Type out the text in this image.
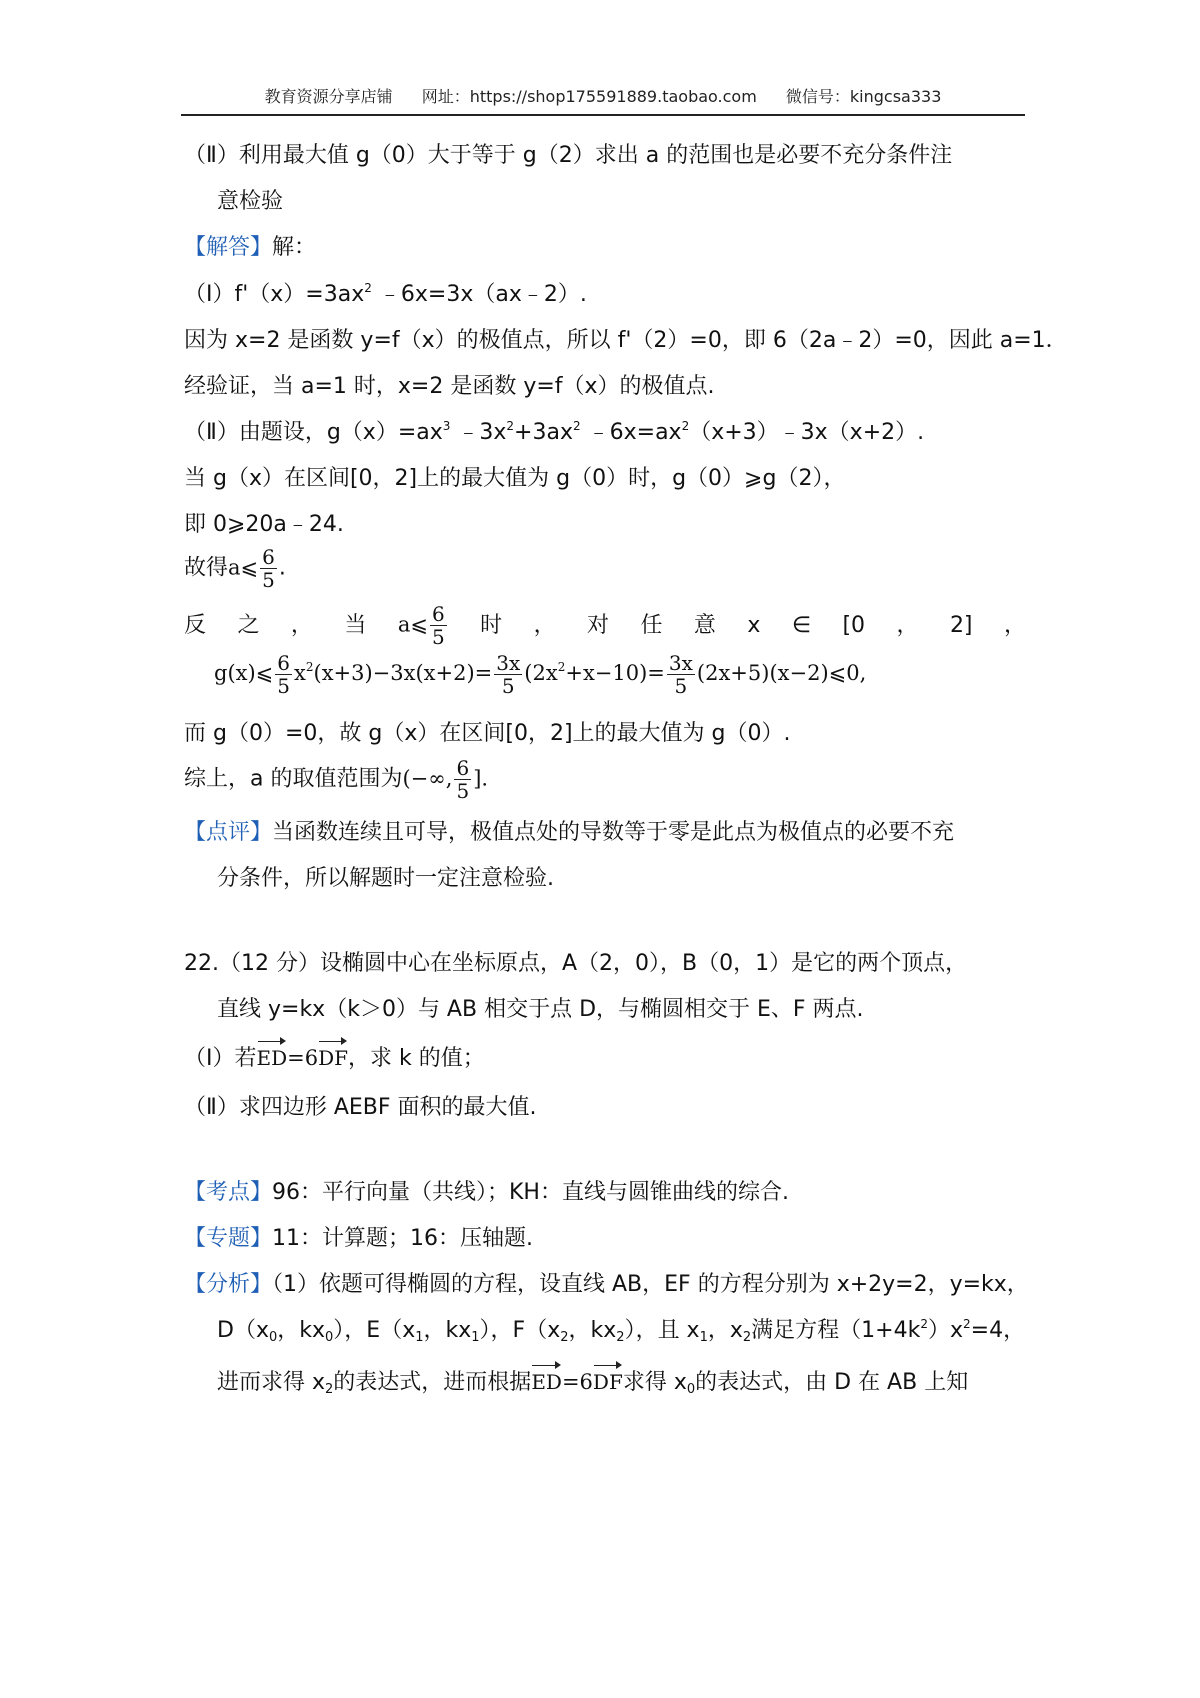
教育资源分享店铺 网址：https://shop175591889.taobao.com 微信号：kingcsa333
（Ⅱ）利用最大值 g（0）大于等于 g（2）求出 a 的范围也是必要不充分条件注
意检验
【解答】解：
$(Ⅰ)f'(x)=3ax^2$ ﹣6x=3x（ax﹣2）.
因为 x=2 是函数 y=f（x）的极值点，所以 f'（2）=0，即 6（2a﹣2）=0，因此 a=1．
经验证，当 a=1 时，x=2 是函数 y=f（x）的极值点.
（Ⅱ）由题设，$g(x)=ax^3$ $﹣3x^2+3ax^2$ $﹣6x=ax^2(x+3)﹣3x(x+2)$.
当 g（x）在区间[0，2]上的最大值为 g（0）时，g（0）⩾g（2），
即 0⩾20a﹣24.
故得a⩽ $\frac{6}{5}$ .
反 之 ， 当 a⩽ $\frac{6}{5}$ 时 ， 对 任 意 x ∈ [0 ， 2] ，
g(x)⩽ $\frac{6}{5} x^2(x+3)-3x(x+2)= \frac{3x}{5} (2x^2+x-10)= \frac{3x}{5}$ (2x+5)(x−2)⩽0,
而 g（0）=0，故 g（x）在区间[0，2]上的最大值为 g（0）.
综上，a 的取值范围为(−∞, $\frac{6}{5}$ ].
【点评】当函数连续且可导，极值点处的导数等于零是此点为极值点的必要不充
分条件，所以解题时一定注意检验.
22.（12 分）设椭圆中心在坐标原点，A（2，0），B（0，1）是它的两个顶点，
直线 y=kx（k＞0）与 AB 相交于点 D，与椭圆相交于 E、F 两点.
（Ⅰ）若ED=6DF，求 k 的值；
（Ⅱ）求四边形 AEBF 面积的最大值.
【考点】96：平行向量（共线）；KH：直线与圆锥曲线的综合.
【专题】11：计算题；16：压轴题.
【分析】（1）依题可得椭圆的方程，设直线 AB，EF 的方程分别为 x+2y=2，y=kx，
$D(x_0$，$kx_0$），$E(x_1$，$kx_1$），$F(x_2$，$kx_2$），且 $x_1$，$x_2$满足方程$(1+4k^2)x^2=4$，
进而求得 $x_2$的表达式，进而根据ED=6DF求得 $x_0$的表达式，由 D 在 AB 上知
